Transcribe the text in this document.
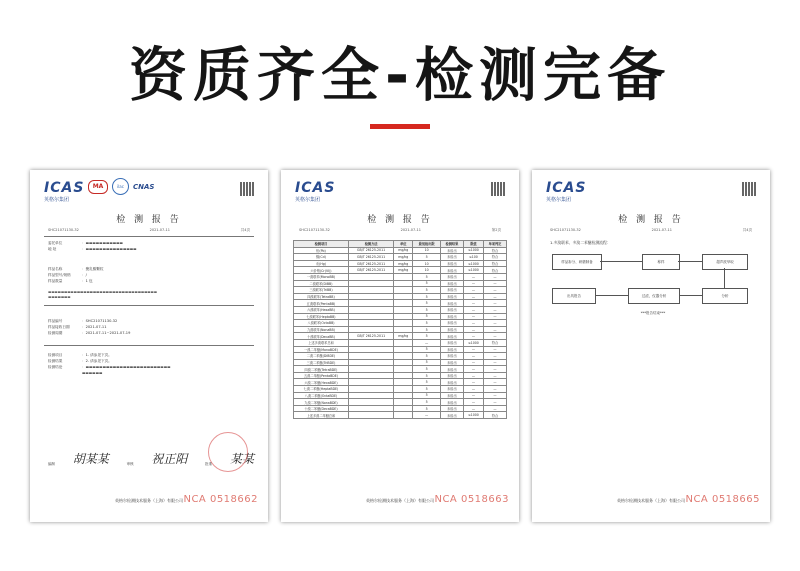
资质齐全-检测完备
ICAS
英格尔集团
MA	ilac	CNAS
检 测 报 告
SHC21071130-32	2021-07-11	共4页
委托单位	：▬▬▬▬▬▬▬▬▬▬▬
地 址	：▬▬▬▬▬▬▬▬▬▬▬▬▬▬▬
样品名称	： 聚乳酸颗粒
样品型号/规格	： /
样品数量	： 1 包
▬▬▬▬▬▬▬▬▬▬▬▬▬▬▬▬▬▬▬▬▬▬▬▬▬▬▬▬▬▬▬▬▬▬
▬▬▬▬▬▬▬
样品编号	： SHC21071130-32
样品接收日期	： 2021-07-11
检测周期	： 2021-07-11~2021-07-19
检测项目	： 1. 请参见下页。
检测结果	： 2. 请参见下页。
检测结论	：▬▬▬▬▬▬▬▬▬▬▬▬▬▬▬▬▬▬▬▬▬▬▬▬▬
▬▬▬▬▬▬
编制 胡某某	审核 祝正阳	批准 某某
英格尔检测技术服务（上海）有限公司 NCA 0518662
ICAS
英格尔集团
检 测 报 告
SHC21071130-32	2021-07-11	第2页
检测项目	检测方法	单位	最低检出限	检测结果	限值	单项判定
铅(Pb)	GB/T 26125-2011	mg/kg	10	未检出	≤1000	符合
镉(Cd)	GB/T 26125-2011	mg/kg	5	未检出	≤100	符合
汞(Hg)	GB/T 26125-2011	mg/kg	10	未检出	≤1000	符合
六价铬(Cr(VI))	GB/T 26125-2011	mg/kg	10	未检出	≤1000	符合
一溴联苯(MonoBB)			5	未检出	—	—
二溴联苯(DiBB)			5	未检出	—	—
三溴联苯(TriBB)			5	未检出	—	—
四溴联苯(TetraBB)			5	未检出	—	—
五溴联苯(PentaBB)			5	未检出	—	—
六溴联苯(HexaBB)			5	未检出	—	—
七溴联苯(HeptaBB)			5	未检出	—	—
八溴联苯(OctaBB)			5	未检出	—	—
九溴联苯(NonaBB)			5	未检出	—	—
十溴联苯(DecaBB)	GB/T 26125-2011	mg/kg	5	未检出	—	—
上述多溴联苯总和			—	未检出	≤1000	符合
一溴二苯醚(MonoBDE)			5	未检出	—	—
二溴二苯醚(DiBDE)			5	未检出	—	—
三溴二苯醚(TriBDE)			5	未检出	—	—
四溴二苯醚(TetraBDE)			5	未检出	—	—
五溴二苯醚(PentaBDE)			5	未检出	—	—
六溴二苯醚(HexaBDE)			5	未检出	—	—
七溴二苯醚(HeptaBDE)			5	未检出	—	—
八溴二苯醚(OctaBDE)			5	未检出	—	—
九溴二苯醚(NonaBDE)			5	未检出	—	—
十溴二苯醚(DecaBDE)			5	未检出	—	—
上述多溴二苯醚总和			—	未检出	≤1000	符合
英格尔检测技术服务（上海）有限公司 NCA 0518663
ICAS
英格尔集团
检 测 报 告
SHC21071130-32	2021-07-11	共4页
1.多溴联苯、多溴二苯醚检测流程：
样品拆分、研磨制备	称样	超声波萃取
分析
过滤，仪器分析
出具报告
***报告结束***
英格尔检测技术服务（上海）有限公司 NCA 0518665
